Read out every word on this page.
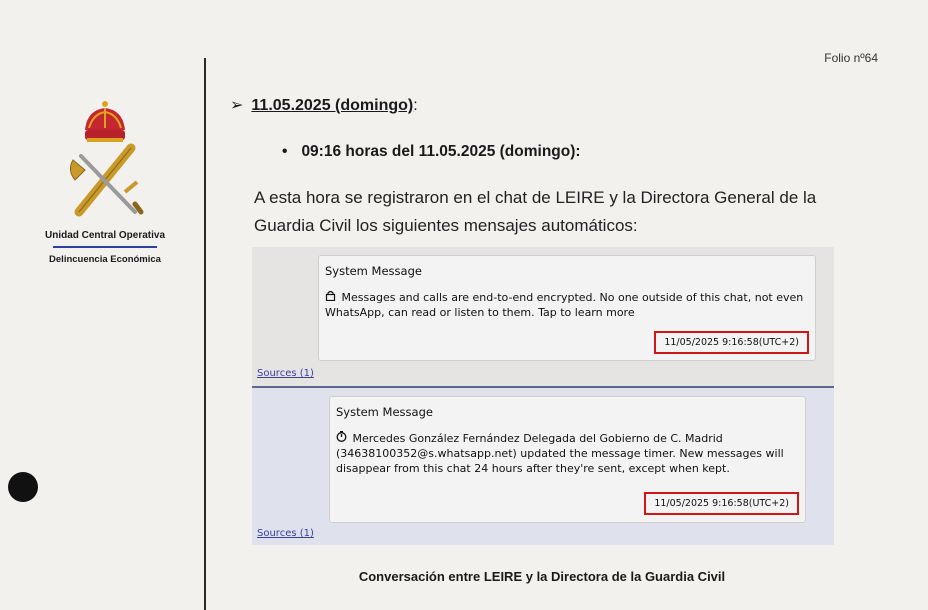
Folio nº64
Unidad Central Operativa
Delincuencia Económica
➢ 11.05.2025 (domingo):
• 09:16 horas del 11.05.2025 (domingo):
A esta hora se registraron en el chat de LEIRE y la Directora General de la Guardia Civil los siguientes mensajes automáticos:
System Message
Messages and calls are end-to-end encrypted. No one outside of this chat, not even WhatsApp, can read or listen to them. Tap to learn more
11/05/2025 9:16:58(UTC+2)
Sources (1)
System Message
Mercedes González Fernández Delegada del Gobierno de C. Madrid (34638100352@s.whatsapp.net) updated the message timer. New messages will disappear from this chat 24 hours after they're sent, except when kept.
11/05/2025 9:16:58(UTC+2)
Sources (1)
Conversación entre LEIRE y la Directora de la Guardia Civil
